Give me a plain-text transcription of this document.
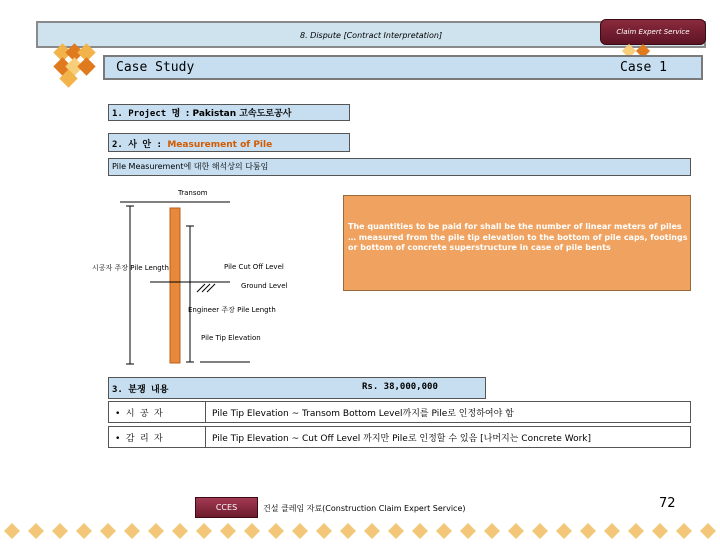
8. Dispute [Contract Interpretation]	Claim Expert Service
Case Study	Case 1
1. Project 명 : Pakistan 고속도로공사
2. 사 안 : Measurement of Pile
Pile Measurement에 대한 해석상의 다툼임
Transom
시공자 주장 Pile Length	Pile Cut Off Level
Ground Level
Engineer 주장 Pile Length
Pile Tip Elevation
The quantities to be paid for shall be the number of linear meters of piles … measured from the pile tip elevation to the bottom of pile caps, footings or bottom of concrete superstructure in case of pile bents
3. 분쟁 내용	Rs. 38,000,000
• 시 공 자	Pile Tip Elevation ~ Transom Bottom Level까지를 Pile로 인정하여야 함
• 감 리 자	Pile Tip Elevation ~ Cut Off Level 까지만 Pile로 인정할 수 있음 [나머지는 Concrete Work]
CCES	건설 클레임 자료(Construction Claim Expert Service)	72
